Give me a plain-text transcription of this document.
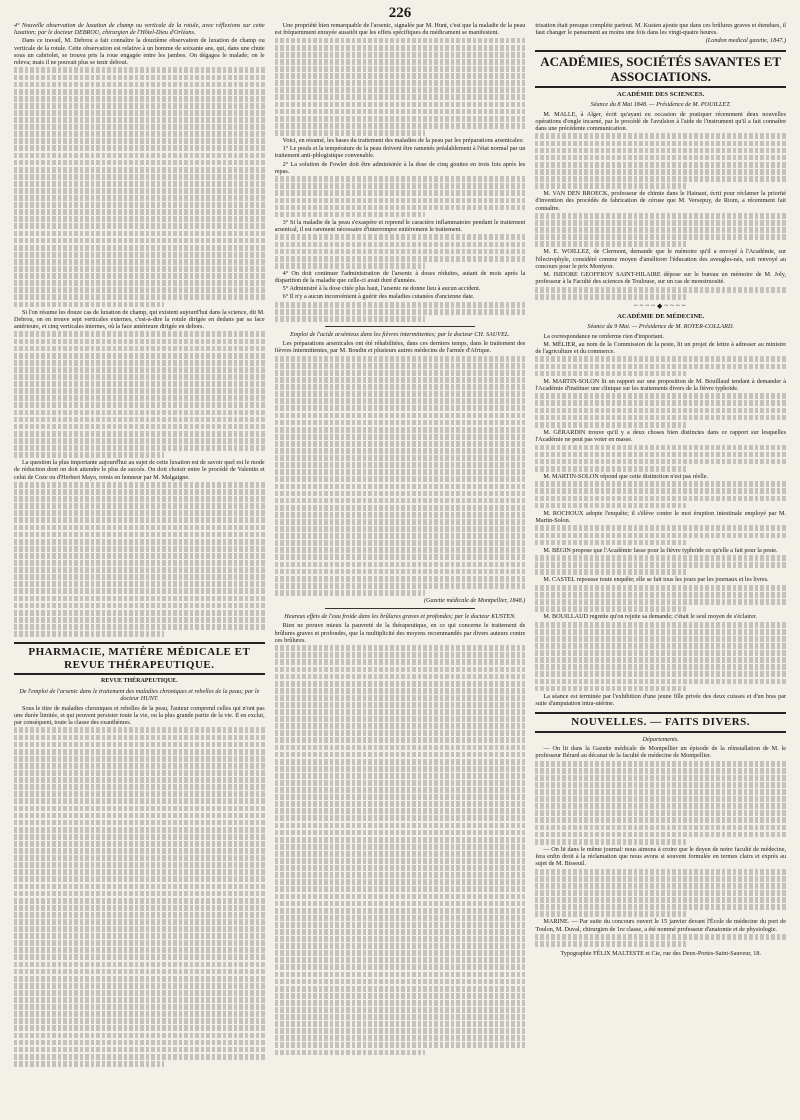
226

4° Nouvelle observation de luxation de champ ou verticale de la rotule, avec réflexions sur cette luxation; par le docteur DEBROU, chirurgien de l'Hôtel-Dieu d'Orléans.

Dans ce travail, M. Debrou a fait connaître la douzième observation de luxation de champ ou verticale de la rotule. Cette observation est relative à un homme de soixante ans, qui, dans une chute sous un cabriolet, se trouva pris la roue engagée entre les jambes. On dégagea le malade; on le releva; mais il ne pouvait plus se tenir debout.

Si l'on résume les douze cas de luxation de champ, qui existent aujourd'hui dans la science, dit M. Debrou, on en trouve sept verticales externes, c'est-à-dire la rotule dirigée en dedans par sa face antérieure, et cinq verticales internes, où la face antérieure dirigée en dehors.

La question la plus importante aujourd'hui au sujet de cette luxation est de savoir quel est le mode de réduction dont on doit attendre le plus de succès. On doit choisir entre le procédé de Valentin et celui de Coze ou d'Herbert Mayo, remis en honneur par M. Malgaigne.

PHARMACIE, MATIÈRE MÉDICALE ET REVUE THÉRAPEUTIQUE.
REVUE THÉRAPEUTIQUE.
De l'emploi de l'arsenic dans le traitement des maladies chroniques et rebelles de la peau; par le docteur HUNT.

Sous le titre de maladies chroniques et rebelles de la peau, l'auteur comprend celles qui n'ont pas une durée limitée, et qui peuvent persister toute la vie, ou la plus grande partie de la vie. Il en exclut, par conséquent, toute la classe des exanthèmes.

Une propriété bien remarquable de l'arsenic, signalée par M. Hunt, c'est que la maladie de la peau est fréquemment enrayée aussitôt que les effets spécifiques du médicament se manifestent.

Voici, en résumé, les bases du traitement des maladies de la peau par les préparations arsenicales:

1° Le pouls et la température de la peau doivent être ramenés préalablement à l'état normal par un traitement anti-phlogistique convenable.

2° La solution de Fowler doit être administrée à la dose de cinq gouttes en trois fois après les repas.

3° Si la maladie de la peau s'exaspère et reprend le caractère inflammatoire pendant le traitement arsenical, il est rarement nécessaire d'interrompre entièrement le traitement.

4° On doit continuer l'administration de l'arsenic à doses réduites, autant de mois après la disparition de la maladie que celle-ci avait duré d'années.

5° Administré à la dose citée plus haut, l'arsenic ne donne lieu à aucun accident.

6° Il n'y a aucun inconvénient à guérir des maladies cutanées d'ancienne date.

Emploi de l'acide arsénieux dans les fièvres intermittentes; par le docteur CH. SAUVEL.

Les préparations arsenicales ont été réhabilitées, dans ces derniers temps, dans le traitement des fièvres intermittentes, par M. Boudin et plusieurs autres médecins de l'armée d'Afrique.

(Gazette médicale de Montpellier, 1848.)
Heureux effets de l'eau froide dans les brûlures graves et profondes; par le docteur KUSTEN.

Rien ne prouve mieux la pauvreté de la thérapeutique, en ce qui concerne le traitement de brûlures graves et profondes, que la multiplicité des moyens recommandés par divers auteurs contre ces brûlures.

trisation était presque complète partout. M. Kusten ajoute que dans ces brûlures graves et étendues, il faut changer le pansement au moins une fois dans les vingt-quatre heures.

(London medical gazette, 1847.)
ACADÉMIES, SOCIÉTÉS SAVANTES ET ASSOCIATIONS.
ACADÉMIE DES SCIENCES.
Séance du 8 Mai 1848. — Présidence de M. POUILLET.

M. MALLE, à Alger, écrit qu'ayant eu occasion de pratiquer récemment deux nouvelles opérations d'ongle incarné, par le procédé de l'avulsion à l'aide de l'instrument qu'il a fait connaître dans une précédente communication.

M. VAN DEN BROECK, professeur de chimie dans le Hainaut, écrit pour réclamer la priorité d'invention des procédés de fabrication de céruse que M. Versepuy, de Riom, a récemment fait connaître.

M. E. WOILLEZ, de Clermont, demande que le mémoire qu'il a envoyé à l'Académie, sur l'électrophyle, considéré comme moyen d'améliorer l'éducation des aveugles-nés, soit renvoyé au concours pour le prix Montyon.

M. ISIDORE GEOFFROY SAINT-HILAIRE dépose sur le bureau un mémoire de M. Joly, professeur à la Faculté des sciences de Toulouse, sur un cas de monstruosité.

~~~~◆~~~~
ACADÉMIE DE MÉDECINE.
Séance du 9 Mai. — Présidence de M. ROYER-COLLARD.

La correspondance ne renferme rien d'important.

M. MÉLIER, au nom de la Commission de la peste, lit un projet de lettre à adresser au ministre de l'agriculture et du commerce.

M. MARTIN-SOLON lit un rapport sur une proposition de M. Bouillaud tendant à demander à l'Académie d'instituer une clinique sur les traitements divers de la fièvre typhoïde.

M. GÉRARDIN trouve qu'il y a deux choses bien distinctes dans ce rapport sur lesquelles l'Académie ne peut pas voter en masse.

M. MARTIN-SOLON répond que cette distinction n'est pas réelle.

M. ROCHOUX adopte l'enquête; il s'élève contre le mot éruption intestinale employé par M. Martin-Solon.

M. BÉGIN propose que l'Académie fasse pour la fièvre typhoïde ce qu'elle a fait pour la peste.

M. CASTEL repousse toute enquête; elle se fait tous les jours par les journaux et les livres.

M. BOUILLAUD regrette qu'on rejette sa demande; c'était le seul moyen de s'éclairer.

La séance est terminée par l'exhibition d'une jeune fille privée des deux cuisses et d'un bras par suite d'amputation intra-utérine.

NOUVELLES. — FAITS DIVERS.
Départements.

— On lit dans la Gazette médicale de Montpellier un épisode de la réinstallation de M. le professeur Bérard au décanat de la faculté de médecine de Montpellier.

— On lit dans le même journal: nous aimons à croire que le doyen de notre faculté de médecine, fera enfin droit à la réclamation que nous avons si souvent formulée en termes clairs et exprès au sujet de M. Bisseuil.

MARINE. — Par suite du concours ouvert le 15 janvier devant l'École de médecine du port de Toulon, M. Duval, chirurgien de 1re classe, a été nommé professeur d'anatomie et de physiologie.

Typographie FÉLIX MALTESTE et Cie, rue des Deux-Portes-Saint-Sauveur, 18.
